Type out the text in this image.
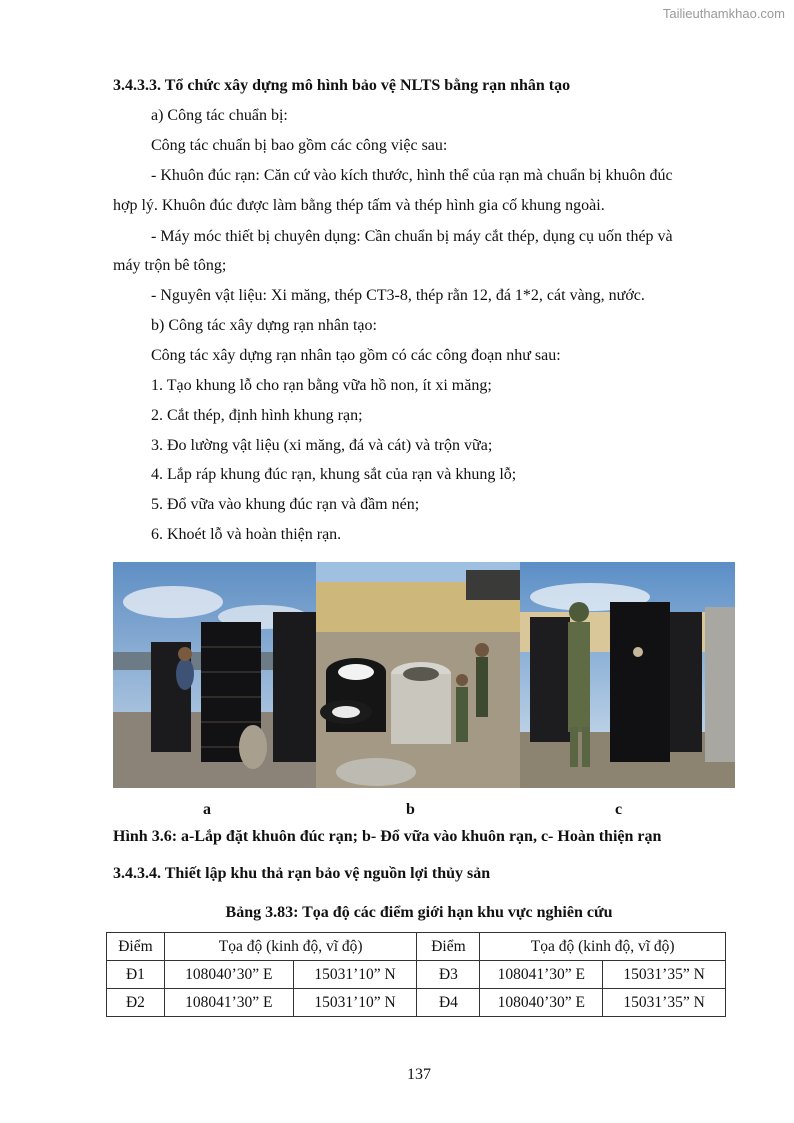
Tailieuthamkhao.com
3.4.3.3. Tổ chức xây dựng mô hình bảo vệ NLTS bằng rạn nhân tạo
a) Công tác chuẩn bị:
Công tác chuẩn bị bao gồm các công việc sau:
- Khuôn đúc rạn: Căn cứ vào kích thước, hình thể của rạn mà chuẩn bị khuôn đúc
hợp lý. Khuôn đúc được làm bằng thép tấm và thép hình gia cố khung ngoài.
- Máy móc thiết bị chuyên dụng: Cần chuẩn bị máy cắt thép, dụng cụ uốn thép và
máy trộn bê tông;
- Nguyên vật liệu: Xi măng, thép CT3-8, thép rằn 12, đá 1*2, cát vàng, nước.
b) Công tác xây dựng rạn nhân tạo:
Công tác xây dựng rạn nhân tạo gồm có các công đoạn như sau:
1. Tạo khung lỗ cho rạn bằng vữa hồ non, ít xi măng;
2. Cắt thép, định hình khung rạn;
3. Đo lường vật liệu (xi măng, đá và cát) và trộn vữa;
4. Lắp ráp khung đúc rạn, khung sắt của rạn và khung lỗ;
5. Đổ vữa vào khung đúc rạn và đầm nén;
6. Khoét lỗ và hoàn thiện rạn.
a	b	c
Hình 3.6: a-Lắp đặt khuôn đúc rạn; b- Đổ vữa vào khuôn rạn, c- Hoàn thiện rạn
3.4.3.4. Thiết lập khu thả rạn bảo vệ nguồn lợi thủy sản
Bảng 3.83: Tọa độ các điểm giới hạn khu vực nghiên cứu
Điểm	Tọa độ (kinh độ, vĩ độ)		Điểm	Tọa độ (kinh độ, vĩ độ)	
Đ1	108040’30” E	15031’10” N	Đ3	108041’30” E	15031’35” N
Đ2	108041’30” E	15031’10” N	Đ4	108040’30” E	15031’35” N
137
